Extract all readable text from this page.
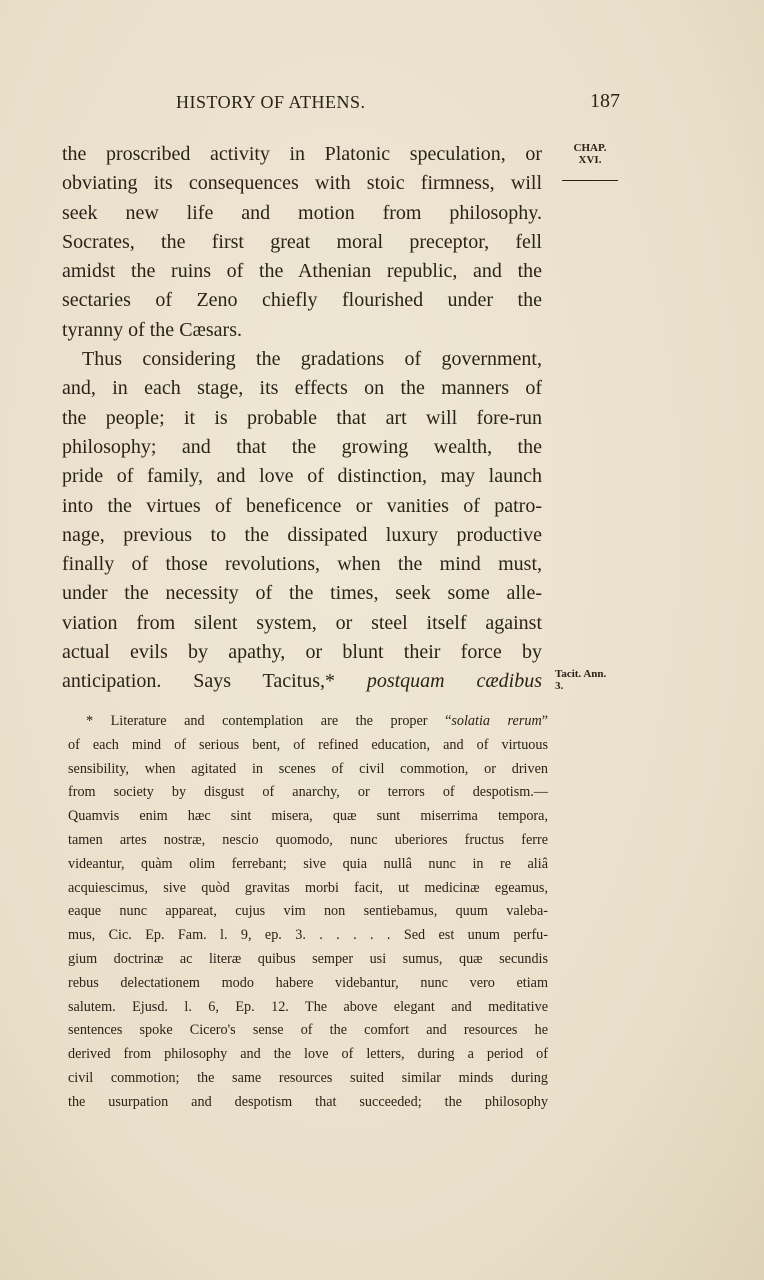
HISTORY OF ATHENS.	187
CHAP.
XVI.
Tacit. Ann.
3.
the proscribed activity in Platonic speculation, or
obviating its consequences with stoic firmness, will
seek new life and motion from philosophy.
Socrates, the first great moral preceptor, fell
amidst the ruins of the Athenian republic, and the
sectaries of Zeno chiefly flourished under the
tyranny of the Cæsars.
Thus considering the gradations of government,
and, in each stage, its effects on the manners of
the people; it is probable that art will fore-run
philosophy; and that the growing wealth, the
pride of family, and love of distinction, may launch
into the virtues of beneficence or vanities of patro-
nage, previous to the dissipated luxury productive
finally of those revolutions, when the mind must,
under the necessity of the times, seek some alle-
viation from silent system, or steel itself against
actual evils by apathy, or blunt their force by
anticipation. Says Tacitus,* postquam cædibus
* Literature and contemplation are the proper “solatia rerum”
of each mind of serious bent, of refined education, and of virtuous
sensibility, when agitated in scenes of civil commotion, or driven
from society by disgust of anarchy, or terrors of despotism.—
Quamvis enim hæc sint misera, quæ sunt miserrima tempora,
tamen artes nostræ, nescio quomodo, nunc uberiores fructus ferre
videantur, quàm olim ferrebant; sive quia nullâ nunc in re aliâ
acquiescimus, sive quòd gravitas morbi facit, ut medicinæ egeamus,
eaque nunc appareat, cujus vim non sentiebamus, quum valeba-
mus, Cic. Ep. Fam. l. 9, ep. 3. . . . . . Sed est unum perfu-
gium doctrinæ ac literæ quibus semper usi sumus, quæ secundis
rebus delectationem modo habere videbantur, nunc vero etiam
salutem. Ejusd. l. 6, Ep. 12. The above elegant and meditative
sentences spoke Cicero's sense of the comfort and resources he
derived from philosophy and the love of letters, during a period of
civil commotion; the same resources suited similar minds during
the usurpation and despotism that succeeded; the philosophy
